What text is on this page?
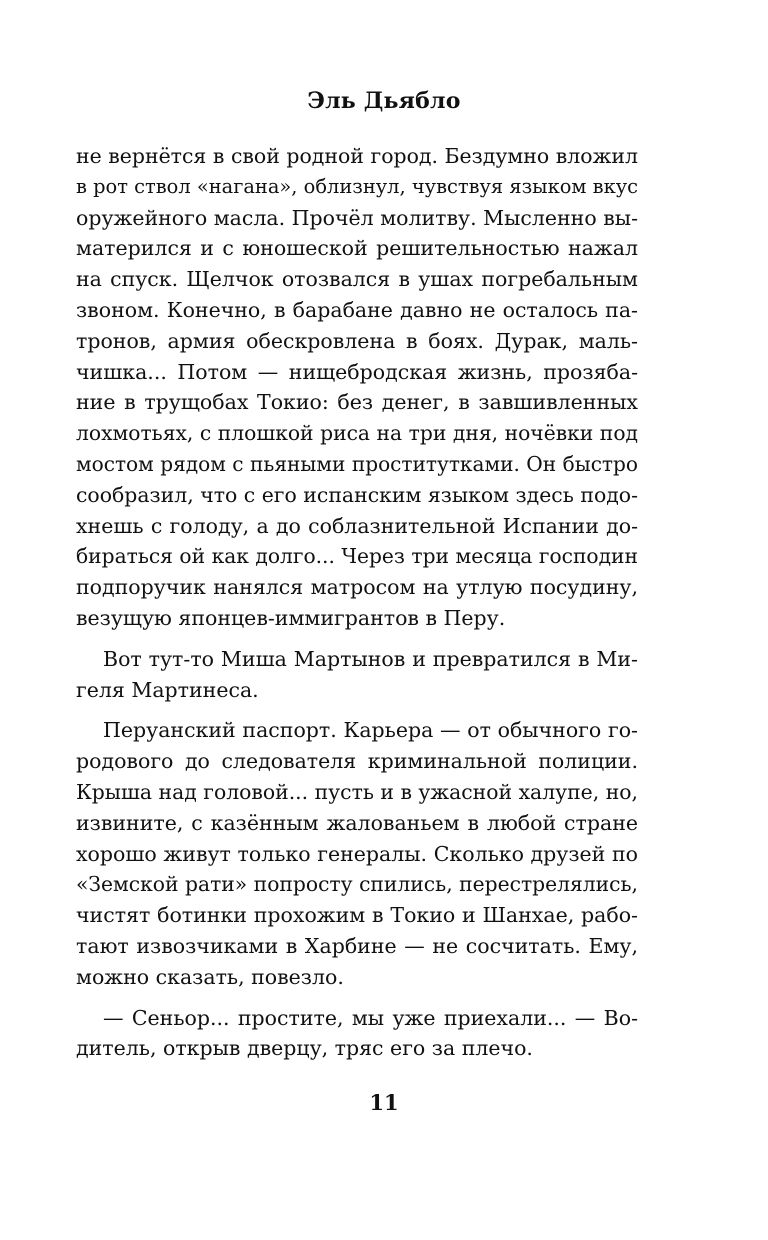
Эль Дьябло
не вернётся в свой родной город. Бездумно вложил
в рот ствол «нагана», облизнул, чувствуя языком вкус
оружейного масла. Прочёл молитву. Мысленно вы-
матерился и с юношеской решительностью нажал
на спуск. Щелчок отозвался в ушах погребальным
звоном. Конечно, в барабане давно не осталось па-
тронов, армия обескровлена в боях. Дурак, маль-
чишка... Потом — нищебродская жизнь, прозяба-
ние в трущобах Токио: без денег, в завшивленных
лохмотьях, с плошкой риса на три дня, ночёвки под
мостом рядом с пьяными проститутками. Он быстро
сообразил, что с его испанским языком здесь подо-
хнешь с голоду, а до соблазнительной Испании до-
бираться ой как долго... Через три месяца господин
подпоручик нанялся матросом на утлую посудину,
везущую японцев-иммигрантов в Перу.
Вот тут-то Миша Мартынов и превратился в Ми-
геля Мартинеса.
Перуанский паспорт. Карьера — от обычного го-
родового до следователя криминальной полиции.
Крыша над головой... пусть и в ужасной халупе, но,
извините, с казённым жалованьем в любой стране
хорошо живут только генералы. Сколько друзей по
«Земской рати» попросту спились, перестрелялись,
чистят ботинки прохожим в Токио и Шанхае, рабо-
тают извозчиками в Харбине — не сосчитать. Ему,
можно сказать, повезло.
— Сеньор... простите, мы уже приехали... — Во-
дитель, открыв дверцу, тряс его за плечо.
11
